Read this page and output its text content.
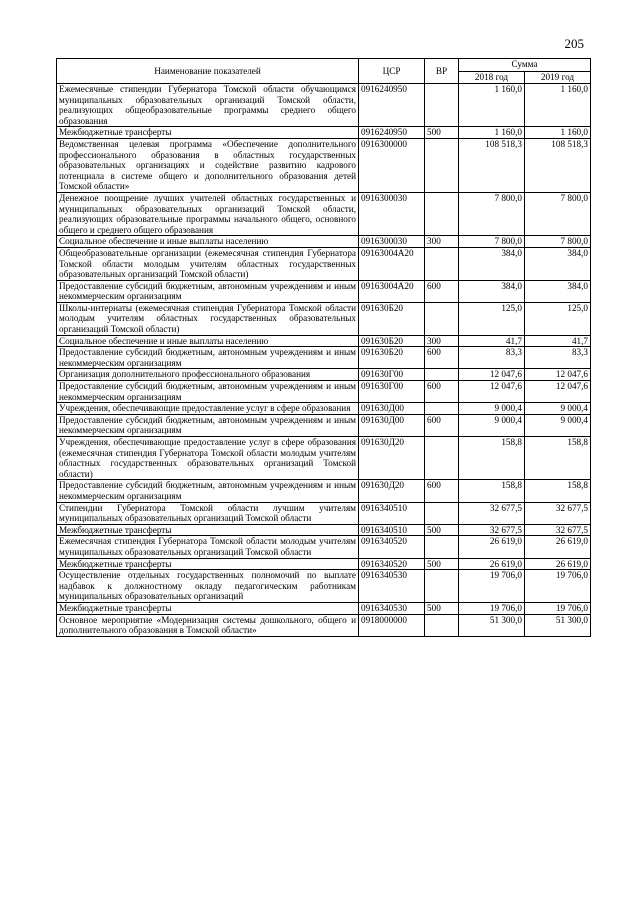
205
Наименование показателей	ЦСР	ВР	Сумма	
			2018 год	2019 год
Ежемесячные стипендии Губернатора Томской области обучающимся муниципальных образовательных организаций Томской области, реализующих общеобразовательные программы среднего общего образования	0916240950		1 160,0	1 160,0
Межбюджетные трансферты	0916240950	500	1 160,0	1 160,0
Ведомственная целевая программа «Обеспечение дополнительного профессионального образования в областных государственных образовательных организациях и содействие развитию кадрового потенциала в системе общего и дополнительного образования детей Томской области»	0916300000		108 518,3	108 518,3
Денежное поощрение лучших учителей областных государственных и муниципальных образовательных организаций Томской области, реализующих образовательные программы начального общего, основного общего и среднего общего образования	0916300030		7 800,0	7 800,0
Социальное обеспечение и иные выплаты населению	0916300030	300	7 800,0	7 800,0
Общеобразовательные организации (ежемесячная стипендия Губернатора Томской области молодым учителям областных государственных образовательных организаций Томской области)	09163004А20		384,0	384,0
Предоставление субсидий бюджетным, автономным учреждениям и иным некоммерческим организациям	09163004А20	600	384,0	384,0
Школы-интернаты (ежемесячная стипендия Губернатора Томской области молодым учителям областных государственных образовательных организаций Томской области)	091630Б20		125,0	125,0
Социальное обеспечение и иные выплаты населению	091630Б20	300	41,7	41,7
Предоставление субсидий бюджетным, автономным учреждениям и иным некоммерческим организациям	091630Б20	600	83,3	83,3
Организация дополнительного профессионального образования	091630Г00		12 047,6	12 047,6
Предоставление субсидий бюджетным, автономным учреждениям и иным некоммерческим организациям	091630Г00	600	12 047,6	12 047,6
Учреждения, обеспечивающие предоставление услуг в сфере образования	091630Д00		9 000,4	9 000,4
Предоставление субсидий бюджетным, автономным учреждениям и иным некоммерческим организациям	091630Д00	600	9 000,4	9 000,4
Учреждения, обеспечивающие предоставление услуг в сфере образования (ежемесячная стипендия Губернатора Томской области молодым учителям областных государственных образовательных организаций Томской области)	091630Д20		158,8	158,8
Предоставление субсидий бюджетным, автономным учреждениям и иным некоммерческим организациям	091630Д20	600	158,8	158,8
Стипендии Губернатора Томской области лучшим учителям муниципальных образовательных организаций Томской области	0916340510		32 677,5	32 677,5
Межбюджетные трансферты	0916340510	500	32 677,5	32 677,5
Ежемесячная стипендия Губернатора Томской области молодым учителям муниципальных образовательных организаций Томской области	0916340520		26 619,0	26 619,0
Межбюджетные трансферты	0916340520	500	26 619,0	26 619,0
Осуществление отдельных государственных полномочий по выплате надбавок к должностному окладу педагогическим работникам муниципальных образовательных организаций	0916340530		19 706,0	19 706,0
Межбюджетные трансферты	0916340530	500	19 706,0	19 706,0
Основное мероприятие «Модернизация системы дошкольного, общего и дополнительного образования в Томской области»	0918000000		51 300,0	51 300,0
